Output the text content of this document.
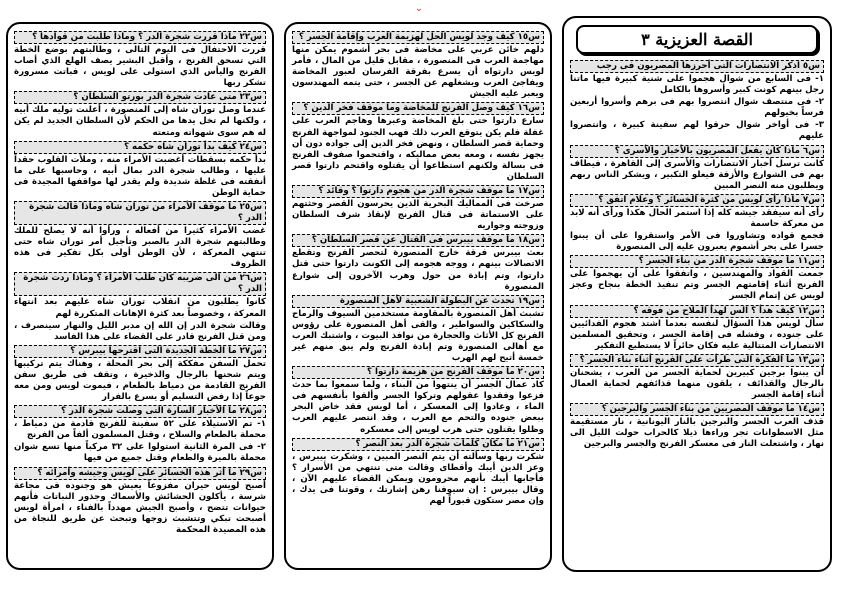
⌄
القصة العزيزية ٣
س٥ اذكر الانتصارات التى أحرزها المصريون فى رجب
١- فى السابع من شوال هجموا على شنية كبيرة فيها ماتنا رجل بينهم كونت كبير وأسروها بالكامل
٢- فى منتصف شوال انتصروا بهم فى برهم وأسروا أربعين فرساً بخيولهم
٣- فى أواخر شوال حرقوا لهم سفينة كبيرة ، وانتصروا عليهم
س٦ ماذا كان يفعل المصريون بالأخبار والأسرى ؟
كانت ترسل أخبار الانتصارات والأسرى إلى القاهرة ، فيطاف بهم فى الشوارع والأزقة فيعلو التكبير ، ويشكر الناس ربهم ويطلبون منه النصر المبين
س٧ ماذا رأى لويس من كثرة الخسائر ؟ وعلام اتفق ؟
رأى أنه سيفقد جيشه كله إذا استمر الحال هكذا ورأى أنه لابد من معركة حاسمة
فجمع قواده وتشاوروا فى الأمر واستقروا على أن يبنوا جسرا على بحر أشموم يعبرون عليه إلى المنصورة
س١١ ما موقف شجرة الدر من بناء الجسر ؟
جمعت القواد والمهندسين ، واتفقوا على أن يهجموا على الفرنج أثناء إقامتهم الجسر وتم تنفيذ الخطة بنجاح وعجز لويس عن إتمام الجسر
س١٢ كيف هدأ ؟ الس لهدأ الملاح من فوقه ؟
سأل لويس هذا السؤال لنفسه بعدما اشتد هجوم الفدائيين على جنوده ، وفشله فى إقامة الجسر ، وتحقيق المسلمين الانتصارات المتتالية عليه فكان حائراً لا يستطيع التفكير
س١٣ ما الفكرة التى طرأت على الفرنج أثناء بناء الجسر ؟
أن يبنوا برجين كبيرين لحماية الجسر من العرب ، يشحنان بالرجال والقذائف ، يلقون منهما قذائفهم لحماية العمال أثناء إقامة الجسر
س١٤ ما موقف المصريين من بناء الجسر والبرجين ؟
قذف العرب الجسر والبرجين بالنار اليونانية ، نار مستقيمة مثل الاسطوانات تجر وراءها ذيلا كالحراب حولت الليل الى نهار ، واشتعلت النار فى معسكر الفرنج والجسر والبرجين
س١٥ كيف وجد لويس الحل لهزيمة العرب وإقامة الجسر ؟
دلهم خائن عربي على مخاضة فى بحر أشموم يمكن منها مهاجمة العرب فى المنصورة ، مقابل قليل من المال ، فأمر لويس دارتواه أن يسرع بفرقة الفرسان لعبور المخاضة ويفاجئ العرب ويشغلهم عن الجسر ، حتى يتمه المهندسون ويعبر عليه الجيش
س١٦ كيف وصل الفرنج للمخاضة وما موقف فخر الدين ؟
سارع دارتوا حتى بلغ المخاضة وعبرها وهاجم العرب على غفلة فلم يكن يتوقع العرب ذلك فهب الجنود لمواجهة الفرنج وحماية قصر السلطان ، ونهض فخر الدين إلى جواده دون أن يجهز نفسه ، ومعه بعض مماليكه ، واقتحموا صفوف الفرنج فى بسالة ولكنهم استطاعوا أن يقتلوه واقتحم دارتوا قصر السلطان
س١٧ ما موقف شجرة الدر من هجوم دارتوا ؟ وقائد ؟
صرخت فى المماليك البحرية الذين يحرسون القصر وحثتهم على الاستماتة فى قتال الفرنج لإنقاذ شرف السلطان وزوجته وجواريه
س١٨ ما موقف بيبرس فى القتال عن قصر السلطان ؟
بعث بيبرس فرقة خارج المنصورة لتحصر الفرنج وتقطع الاتصالات بينهم ، ووجه هجومه إلى الكونت دارتوا حتى قتل دارتوا، وتم إبادة من حول وهرب الآخرون إلى شوارع المنصورة
س١٩ تحدث عن البطولة الشعبية لأهل المنصورة
تشبث أهل المنصورة بالمقاومة مستخدمين السيوف والرماح والسكاكين والسواطير ، والقى أهل المنصورة على رؤوس الفرنج كل الأثاث والحجارة من نوافذ البيوت ، واشتبك العرب مع أهالى المنصورة وتم إبادة الفرنج ولم يبق منهم غير خمسة أتيح لهم الهرب
س٢٠ ما موقف الفرنج من هزيمة دارتوا ؟
كاد عمال الجسر أن ينتهوا من البناء ، ولما سمعوا بما حدث فزعوا وفقدوا عقولهم وتركوا الجسر وألقوا بأنفسهم فى الماء ، وعادوا إلى المعسكر ، أما لويس فقد خاض البحر ببعض جنوده والتحم مع العرب ، وقد انتصر عليهم العرب وظلوا يقتلون حتى هرب لويس إلى معسكره
س٢١ ما مكان كلمات شجرة الدر بعد النصر ؟
شكرت ربها وسألته أن يتم النصر المبين ، وشكرت بيبرس ، وعز الدين أيبك وأقطاى وقالت متى تنتهي من الأسرار ؟ فأجابها أيبك بأنهم محرومون ويمكن القضاء عليهم الآن ، وقال بيبرس : إن سيوفنا رهن إشارتك ، وقوتنا فى يدك ، وإن مصر ستكون قبوراً لهم
س٢٢ ماذا قررت شجرة الدر ؟ وماذا طلبت من قوادها ؟
قررت الاحتفال فى اليوم التالى ، وطالبتهم بوضع الخطة التي تسحق الفرنج ، وأقبل البشير يصف الهلع الذي أصاب الفرنج واليأس الذي استولى على لويس ، فباتت مسرورة تشكر ربها
س٢٣ متى عادت شجرة الدر بورتو السلطان ؟
عندما وصل توران شاه إلى المنصورة ، أعلنت توليه ملك أبيه ، ولكنها لم تخل يدها من الحكم لأن السلطان الجديد لم يكن له هم سوى شهواته ومتعته
س٢٤ كيف بدأ توران شاه حكمه ؟
بدأ حكمه بسقطات أغضبت الأمراء منه ، وملأت القلوب حقداً عليها ، وطالب شجرة الدر بمال أبيه ، وحاسبها على ما أنفقته فى غلظة شديدة ولم يقدر لها مواقفها المجيدة فى حماية الوطن
س٢٥ ما موقف الأمراء من توران شاه وماذا قالت شجرة الدر ؟
غضب الأمراء كثيرا من أفعاله ، ورأوا أنه لا يصلح للملك وطالبتهم شجرة الدر بالصبر وتأجيل أمر توران شاه حتى تنتهي المعركة ، لأن الوطن أولى بكل تفكير فى هذه الظروف
س٢٦ من الى ضريبه كان طلب الأمراء ؟ وماذا ردت شجرة الدر ؟
كانوا يطلبون من انقلاب توران شاه عليهم بعد انتهاء المعركة ، وخصوصاً بعد كثرة الإهانات المتكررة لهم
وقالت شجرة الدر إن الله إن مدبر الليل والنهار سينصرف ، ومن قتل الفرنج قادر على القضاء على هذا الفاسد
س٢٧ ما الخطة الجديدة التى اقترحها بيبرس ؟
تحمل السفن مفككة إلى بحر المحلة ، وهناك يتم تركيبها ويتم شحنها بالرجال والذخيرة ، وتقف فى طريق سفن الفرنج القادمة من دمياط بالطعام ، فيموت لويس ومن معه جوعاً إذا رفض التسليم أو يسرع بالفرار
س٢٨ ما الأخبار السارة التى وصلت شجرة الدر ؟
١- تم الاستيلاء على ٥٢ سفينة للفرنج قادمة من دمياط ، محملة بالطعام والسلاح ، وقتل المسلمون ألفاً من الفرنج
٢- فى المرة الثانية استولوا على ٣٢ مركباً منها تسع شوان محملة بالميرة والطعام وقتل جميع من فيها
س٢٩ ما أثر هذه الخسائر على لويس وجيشه وأمرائه ؟
أصبح لويس حيران مفزوعاً يعيش هو وجنوده فى مجاعة شرسة ، يأكلون الحشائش والأسماك وجذور النباتات فأنهم حيوانات تتضح ، وأصبح الجيش مهدداً بالفناء ، امرأة لويس أصبحت تبكي وتتشبث زوجها وتبحث عن طريق للنجاة من هذه المصيدة المحكمة
